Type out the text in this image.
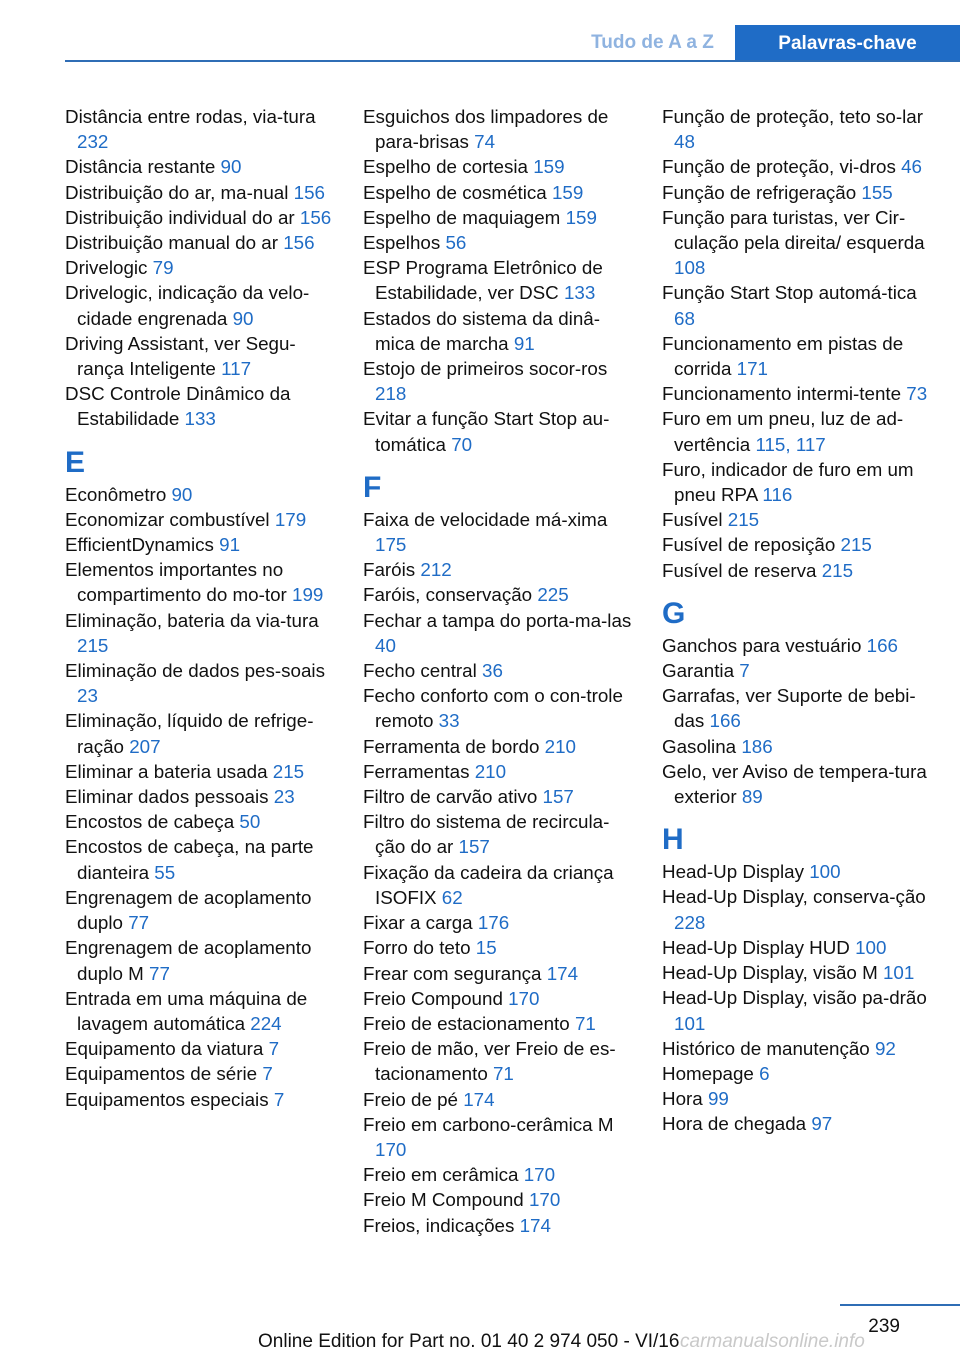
Tudo de A a Z	Palavras-chave
Distância entre rodas, via-tura 232
Distância restante 90
Distribuição do ar, ma-nual 156
Distribuição individual do ar 156
Distribuição manual do ar 156
Drivelogic 79
Drivelogic, indicação da velo-cidade engrenada 90
Driving Assistant, ver Segu-rança Inteligente 117
DSC Controle Dinâmico da Estabilidade 133
E
Econômetro 90
Economizar combustível 179
EfficientDynamics 91
Elementos importantes no compartimento do mo-tor 199
Eliminação, bateria da via-tura 215
Eliminação de dados pes-soais 23
Eliminação, líquido de refrige-ração 207
Eliminar a bateria usada 215
Eliminar dados pessoais 23
Encostos de cabeça 50
Encostos de cabeça, na parte dianteira 55
Engrenagem de acoplamento duplo 77
Engrenagem de acoplamento duplo M 77
Entrada em uma máquina de lavagem automática 224
Equipamento da viatura 7
Equipamentos de série 7
Equipamentos especiais 7
Esguichos dos limpadores de para-brisas 74
Espelho de cortesia 159
Espelho de cosmética 159
Espelho de maquiagem 159
Espelhos 56
ESP Programa Eletrônico de Estabilidade, ver DSC 133
Estados do sistema da dinâ-mica de marcha 91
Estojo de primeiros socor-ros 218
Evitar a função Start Stop au-tomática 70
F
Faixa de velocidade má-xima 175
Faróis 212
Faróis, conservação 225
Fechar a tampa do porta-ma-las 40
Fecho central 36
Fecho conforto com o con-trole remoto 33
Ferramenta de bordo 210
Ferramentas 210
Filtro de carvão ativo 157
Filtro do sistema de recircula-ção do ar 157
Fixação da cadeira da criança ISOFIX 62
Fixar a carga 176
Forro do teto 15
Frear com segurança 174
Freio Compound 170
Freio de estacionamento 71
Freio de mão, ver Freio de es-tacionamento 71
Freio de pé 174
Freio em carbono-cerâmica M 170
Freio em cerâmica 170
Freio M Compound 170
Freios, indicações 174
Função de proteção, teto so-lar 48
Função de proteção, vi-dros 46
Função de refrigeração 155
Função para turistas, ver Cir-culação pela direita/ esquerda 108
Função Start Stop automá-tica 68
Funcionamento em pistas de corrida 171
Funcionamento intermi-tente 73
Furo em um pneu, luz de ad-vertência 115, 117
Furo, indicador de furo em um pneu RPA 116
Fusível 215
Fusível de reposição 215
Fusível de reserva 215
G
Ganchos para vestuário 166
Garantia 7
Garrafas, ver Suporte de bebi-das 166
Gasolina 186
Gelo, ver Aviso de tempera-tura exterior 89
H
Head-Up Display 100
Head-Up Display, conserva-ção 228
Head-Up Display HUD 100
Head-Up Display, visão M 101
Head-Up Display, visão pa-drão 101
Histórico de manutenção 92
Homepage 6
Hora 99
Hora de chegada 97
239
Online Edition for Part no. 01 40 2 974 050 - VI/16 carmanualsonline.info
